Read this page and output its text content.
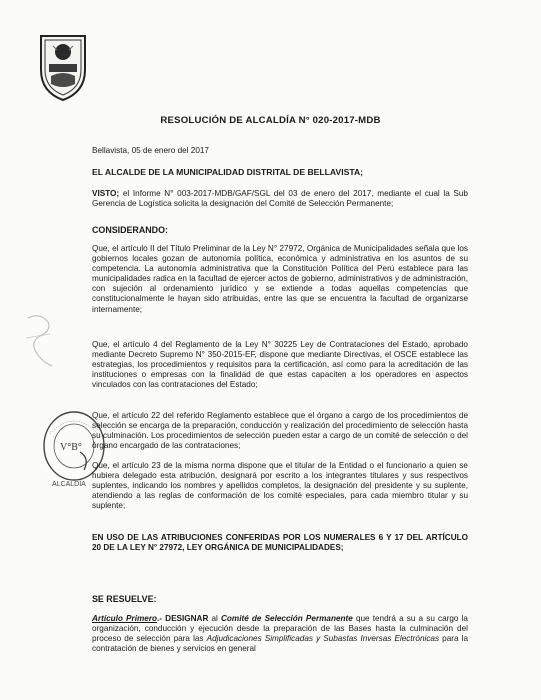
V°B°
ALCALDÍA
RESOLUCIÓN DE ALCALDÍA N° 020-2017-MDB
Bellavista, 05 de enero del 2017
EL ALCALDE DE LA MUNICIPALIDAD DISTRITAL DE BELLAVISTA;
VISTO; el Informe N° 003-2017-MDB/GAF/SGL del 03 de enero del 2017, mediante el cual la Sub Gerencia de Logística solicita la designación del Comité de Selección Permanente;
CONSIDERANDO:
Que, el artículo II del Título Preliminar de la Ley N° 27972, Orgánica de Municipalidades señala que los gobiernos locales gozan de autonomía política, económica y administrativa en los asuntos de su competencia. La autonomía administrativa que la Constitución Política del Perú establece para las municipalidades radica en la facultad de ejercer actos de gobierno, administrativos y de administración, con sujeción al ordenamiento jurídico y se extiende a todas aquellas competencias que constitucionalmente le hayan sido atribuidas, entre las que se encuentra la facultad de organizarse internamente;
Que, el artículo 4 del Reglamento de la Ley N° 30225 Ley de Contrataciones del Estado, aprobado mediante Decreto Supremo N° 350-2015-EF, dispone que mediante Directivas, el OSCE establece las estrategias, los procedimientos y requisitos para la certificación, así como para la acreditación de las instituciones o empresas con la finalidad de que estas capaciten a los operadores en aspectos vinculados con las contrataciones del Estado;
Que, el artículo 22 del referido Reglamento establece que el órgano a cargo de los procedimientos de selección se encarga de la preparación, conducción y realización del procedimiento de selección hasta su culminación. Los procedimientos de selección pueden estar a cargo de un comité de selección o del órgano encargado de las contrataciones;
Que, el artículo 23 de la misma norma dispone que el titular de la Entidad o el funcionario a quien se hubiera delegado esta atribución, designará por escrito a los integrantes titulares y sus respectivos suplentes, indicando los nombres y apellidos completos, la designación del presidente y su suplente, atendiendo a las reglas de conformación de los comité especiales, para cada miembro titular y su suplente;
EN USO DE LAS ATRIBUCIONES CONFERIDAS POR LOS NUMERALES 6 Y 17 DEL ARTÍCULO 20 DE LA LEY N° 27972, LEY ORGÁNICA DE MUNICIPALIDADES;
SE RESUELVE:
Artículo Primero.- DESIGNAR al Comité de Selección Permanente que tendrá a su a su cargo la organización, conducción y ejecución desde la preparación de las Bases hasta la culminación del proceso de selección para las Adjudicaciones Simplificadas y Subastas Inversas Electrónicas para la contratación de bienes y servicios en general
